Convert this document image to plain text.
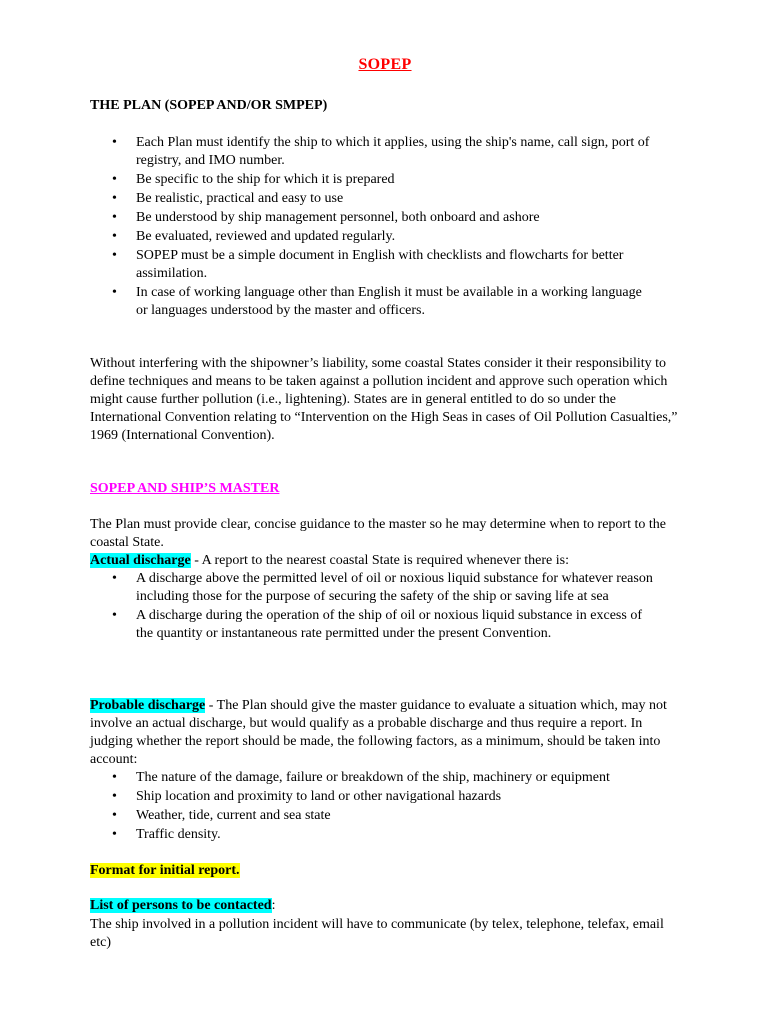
SOPEP
THE PLAN (SOPEP AND/OR SMPEP)
• Each Plan must identify the ship to which it applies, using the ship's name, call sign, port of registry, and IMO number.
• Be specific to the ship for which it is prepared
• Be realistic, practical and easy to use
• Be understood by ship management personnel, both onboard and ashore
• Be evaluated, reviewed and updated regularly.
• SOPEP must be a simple document in English with checklists and flowcharts for better assimilation.
• In case of working language other than English it must be available in a working language
or languages understood by the master and officers.
Without interfering with the shipowner’s liability, some coastal States consider it their responsibility to define techniques and means to be taken against a pollution incident and approve such operation which might cause further pollution (i.e., lightening). States are in general entitled to do so under the International Convention relating to “Intervention on the High Seas in cases of Oil Pollution Casualties,” 1969 (International Convention).
SOPEP AND SHIP’S MASTER
The Plan must provide clear, concise guidance to the master so he may determine when to report to the coastal State.
Actual discharge - A report to the nearest coastal State is required whenever there is:
• A discharge above the permitted level of oil or noxious liquid substance for whatever reason including those for the purpose of securing the safety of the ship or saving life at sea
• A discharge during the operation of the ship of oil or noxious liquid substance in excess of
the quantity or instantaneous rate permitted under the present Convention.
Probable discharge - The Plan should give the master guidance to evaluate a situation which, may not involve an actual discharge, but would qualify as a probable discharge and thus require a report. In judging whether the report should be made, the following factors, as a minimum, should be taken into account:
• The nature of the damage, failure or breakdown of the ship, machinery or equipment
• Ship location and proximity to land or other navigational hazards
• Weather, tide, current and sea state
• Traffic density.
Format for initial report.
List of persons to be contacted:
The ship involved in a pollution incident will have to communicate (by telex, telephone, telefax, email etc)
